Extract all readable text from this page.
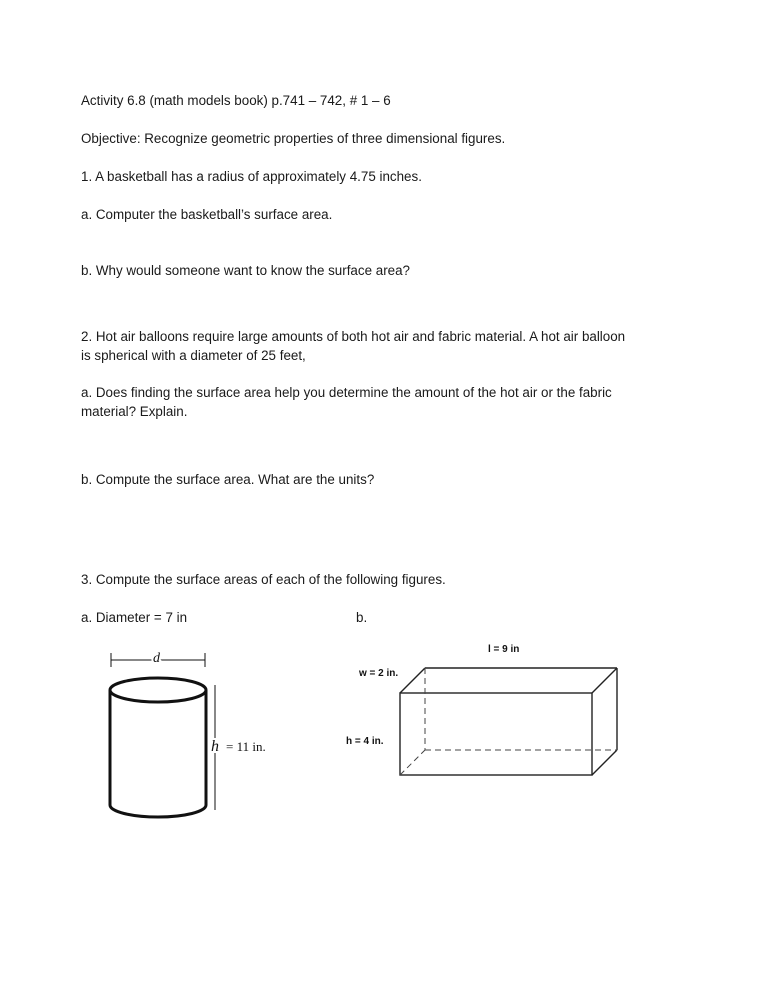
Activity 6.8 (math models book) p.741 – 742, # 1 – 6
Objective: Recognize geometric properties of three dimensional figures.
1. A basketball has a radius of approximately 4.75 inches.
a. Computer the basketball’s surface area.
b. Why would someone want to know the surface area?
2. Hot air balloons require large amounts of both hot air and fabric material. A hot air balloon
is spherical with a diameter of 25 feet,
a. Does finding the surface area help you determine the amount of the hot air or the fabric
material? Explain.
b. Compute the surface area. What are the units?
3. Compute the surface areas of each of the following figures.
a. Diameter = 7 in	b.
d
h = 11 in.
l = 9 in
w = 2 in.
h = 4 in.
